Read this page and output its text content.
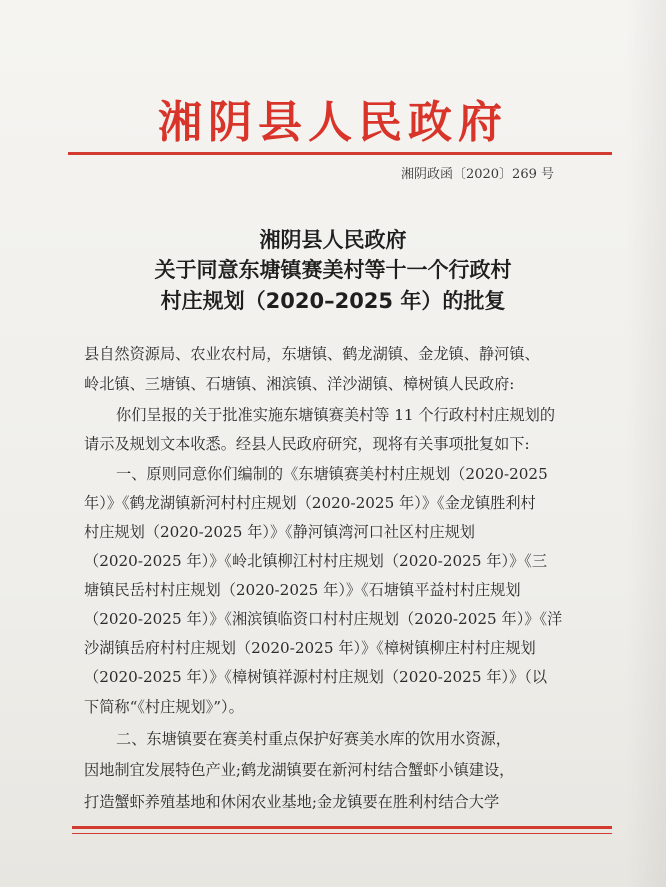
湘阴县人民政府
湘阴政函〔2020〕269 号
湘阴县人民政府
关于同意东塘镇赛美村等十一个行政村
村庄规划（2020–2025 年）的批复

县自然资源局、农业农村局，东塘镇、鹤龙湖镇、金龙镇、静河镇、

岭北镇、三塘镇、石塘镇、湘滨镇、洋沙湖镇、樟树镇人民政府:

你们呈报的关于批准实施东塘镇赛美村等 11 个行政村村庄规划的

请示及规划文本收悉。经县人民政府研究，现将有关事项批复如下:

一、原则同意你们编制的《东塘镇赛美村村庄规划（2020-2025

年）》《鹤龙湖镇新河村村庄规划（2020-2025 年）》《金龙镇胜利村

村庄规划（2020-2025 年）》《静河镇湾河口社区村庄规划

（2020-2025 年）》《岭北镇柳江村村庄规划（2020-2025 年）》《三

塘镇民岳村村庄规划（2020-2025 年）》《石塘镇平益村村庄规划

（2020-2025 年）》《湘滨镇临资口村村庄规划（2020-2025 年）》《洋

沙湖镇岳府村村庄规划（2020-2025 年）》《樟树镇柳庄村村庄规划

（2020-2025 年）》《樟树镇祥源村村庄规划（2020-2025 年）》（以

下简称“《村庄规划》”）。

二、东塘镇要在赛美村重点保护好赛美水库的饮用水资源，

因地制宜发展特色产业;鹤龙湖镇要在新河村结合蟹虾小镇建设，

打造蟹虾养殖基地和休闲农业基地;金龙镇要在胜利村结合大学
